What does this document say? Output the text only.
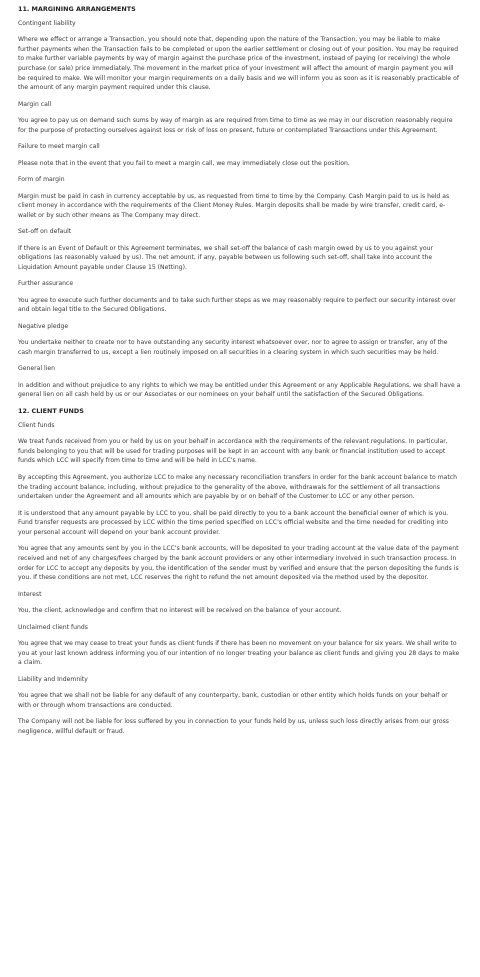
11. MARGINING ARRANGEMENTS
Contingent liability

Where we effect or arrange a Transaction, you should note that, depending upon the nature of the Transaction, you may be liable to make further payments when the Transaction fails to be completed or upon the earlier settlement or closing out of your position. You may be required to make further variable payments by way of margin against the purchase price of the investment, instead of paying (or receiving) the whole purchase (or sale) price immediately. The movement in the market price of your investment will affect the amount of margin payment you will be required to make. We will monitor your margin requirements on a daily basis and we will inform you as soon as it is reasonably practicable of the amount of any margin payment required under this clause.

Margin call

You agree to pay us on demand such sums by way of margin as are required from time to time as we may in our discretion reasonably require for the purpose of protecting ourselves against loss or risk of loss on present, future or contemplated Transactions under this Agreement.

Failure to meet margin call

Please note that in the event that you fail to meet a margin call, we may immediately close out the position.

Form of margin

Margin must be paid in cash in currency acceptable by us, as requested from time to time by the Company. Cash Margin paid to us is held as client money in accordance with the requirements of the Client Money Rules. Margin deposits shall be made by wire transfer, credit card, e-wallet or by such other means as The Company may direct.

Set-off on default

If there is an Event of Default or this Agreement terminates, we shall set-off the balance of cash margin owed by us to you against your obligations (as reasonably valued by us). The net amount, if any, payable between us following such set-off, shall take into account the Liquidation Amount payable under Clause 15 (Netting).

Further assurance

You agree to execute such further documents and to take such further steps as we may reasonably require to perfect our security interest over and obtain legal title to the Secured Obligations.

Negative pledge

You undertake neither to create nor to have outstanding any security interest whatsoever over, nor to agree to assign or transfer, any of the cash margin transferred to us, except a lien routinely imposed on all securities in a clearing system in which such securities may be held.

General lien

In addition and without prejudice to any rights to which we may be entitled under this Agreement or any Applicable Regulations, we shall have a general lien on all cash held by us or our Associates or our nominees on your behalf until the satisfaction of the Secured Obligations.

12. CLIENT FUNDS
Client funds

We treat funds received from you or held by us on your behalf in accordance with the requirements of the relevant regulations. In particular, funds belonging to you that will be used for trading purposes will be kept in an account with any bank or financial institution used to accept funds which LCC will specify from time to time and will be held in LCC's name.

By accepting this Agreement, you authorize LCC to make any necessary reconciliation transfers in order for the bank account balance to match the trading account balance, including, without prejudice to the generality of the above, withdrawals for the settlement of all transactions undertaken under the Agreement and all amounts which are payable by or on behalf of the Customer to LCC or any other person.

It is understood that any amount payable by LCC to you, shall be paid directly to you to a bank account the beneficial owner of which is you. Fund transfer requests are processed by LCC within the time period specified on LCC's official website and the time needed for crediting into your personal account will depend on your bank account provider.

You agree that any amounts sent by you in the LCC's bank accounts, will be deposited to your trading account at the value date of the payment received and net of any charges/fees charged by the bank account providers or any other intermediary involved in such transaction process. In order for LCC to accept any deposits by you, the identification of the sender must by verified and ensure that the person depositing the funds is you. If these conditions are not met, LCC reserves the right to refund the net amount deposited via the method used by the depositor.

Interest

You, the client, acknowledge and confirm that no interest will be received on the balance of your account.

Unclaimed client funds

You agree that we may cease to treat your funds as client funds if there has been no movement on your balance for six years. We shall write to you at your last known address informing you of our intention of no longer treating your balance as client funds and giving you 28 days to make a claim.

Liability and Indemnity

You agree that we shall not be liable for any default of any counterparty, bank, custodian or other entity which holds funds on your behalf or with or through whom transactions are conducted.

The Company will not be liable for loss suffered by you in connection to your funds held by us, unless such loss directly arises from our gross negligence, willful default or fraud.
